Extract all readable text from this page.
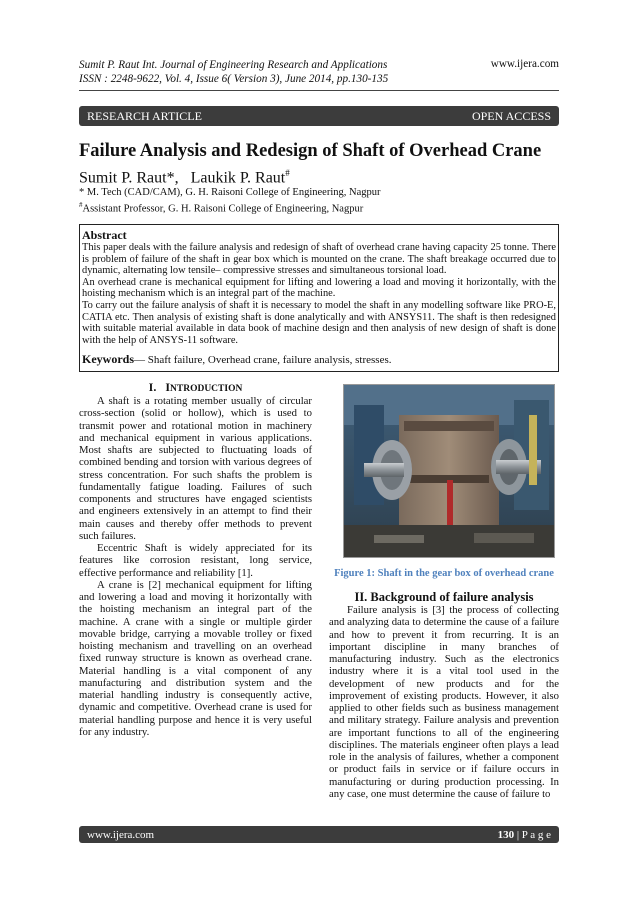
Sumit P. Raut Int. Journal of Engineering Research and Applications
ISSN : 2248-9622, Vol. 4, Issue 6( Version 3), June 2014, pp.130-135
www.ijera.com
RESEARCH ARTICLE	OPEN ACCESS
Failure Analysis and Redesign of Shaft of Overhead Crane
Sumit P. Raut*, Laukik P. Raut#
* M. Tech (CAD/CAM), G. H. Raisoni College of Engineering, Nagpur
#Assistant Professor, G. H. Raisoni College of Engineering, Nagpur
Abstract

This paper deals with the failure analysis and redesign of shaft of overhead crane having capacity 25 tonne. There is problem of failure of the shaft in gear box which is mounted on the crane. The shaft breakage occurred due to dynamic, alternating low tensile– compressive stresses and simultaneous torsional load.

An overhead crane is mechanical equipment for lifting and lowering a load and moving it horizontally, with the hoisting mechanism which is an integral part of the machine.

To carry out the failure analysis of shaft it is necessary to model the shaft in any modelling software like PRO-E, CATIA etc. Then analysis of existing shaft is done analytically and with ANSYS11. The shaft is then redesigned with suitable material available in data book of machine design and then analysis of new design of shaft is done with the help of ANSYS-11 software.

Keywords— Shaft failure, Overhead crane, failure analysis, stresses.
I. INTRODUCTION

A shaft is a rotating member usually of circular cross-section (solid or hollow), which is used to transmit power and rotational motion in machinery and mechanical equipment in various applications. Most shafts are subjected to fluctuating loads of combined bending and torsion with various degrees of stress concentration. For such shafts the problem is fundamentally fatigue loading. Failures of such components and structures have engaged scientists and engineers extensively in an attempt to find their main causes and thereby offer methods to prevent such failures.

Eccentric Shaft is widely appreciated for its features like corrosion resistant, long service, effective performance and reliability [1].

A crane is [2] mechanical equipment for lifting and lowering a load and moving it horizontally with the hoisting mechanism an integral part of the machine. A crane with a single or multiple girder movable bridge, carrying a movable trolley or fixed hoisting mechanism and travelling on an overhead fixed runway structure is known as overhead crane. Material handling is a vital component of any manufacturing and distribution system and the material handling industry is consequently active, dynamic and competitive. Overhead crane is used for material handling purpose and hence it is very useful for any industry.

Figure 1: Shaft in the gear box of overhead crane
II. Background of failure analysis

Failure analysis is [3] the process of collecting and analyzing data to determine the cause of a failure and how to prevent it from recurring. It is an important discipline in many branches of manufacturing industry. Such as the electronics industry where it is a vital tool used in the development of new products and for the improvement of existing products. However, it also applied to other fields such as business management and military strategy. Failure analysis and prevention are important functions to all of the engineering disciplines. The materials engineer often plays a lead role in the analysis of failures, whether a component or product fails in service or if failure occurs in manufacturing or during production processing. In any case, one must determine the cause of failure to

www.ijera.com	130 | P a g e
